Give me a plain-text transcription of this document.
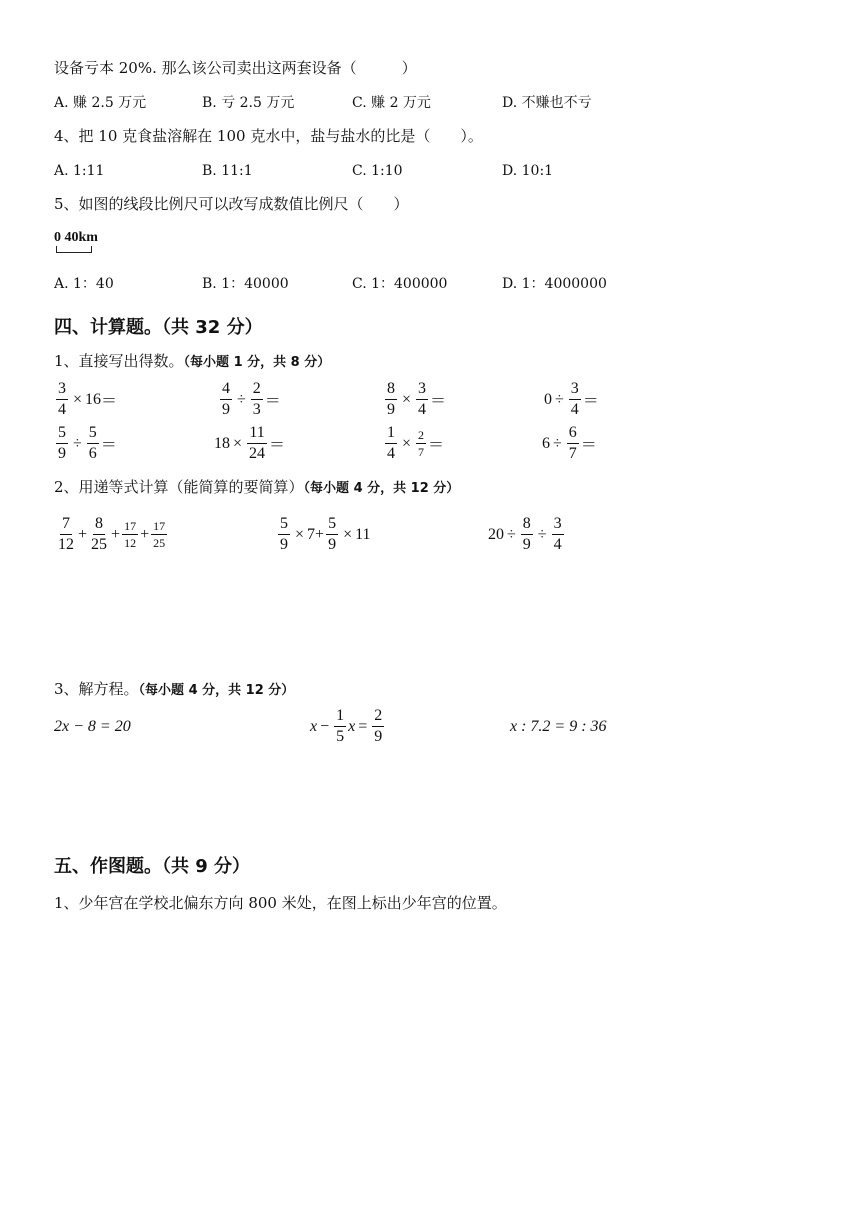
设备亏本 20%. 那么该公司卖出这两套设备（　　　）
A. 赚 2.5 万元	B. 亏 2.5 万元	C. 赚 2 万元	D. 不赚也不亏
4、把 10 克食盐溶解在 100 克水中，盐与盐水的比是（　　）。
A. 1:11	B. 11:1	C. 1:10	D. 10:1
5、如图的线段比例尺可以改写成数值比例尺（　　）
0 40km
A. 1：40	B. 1：40000	C. 1：400000	D. 1：4000000
四、计算题。（共 32 分）
1、直接写出得数。（每小题 1 分，共 8 分）
$\frac{3}{4} \times 16$ ＝	$\frac{4}{9} \div \frac{2}{3}$ ＝	$\frac{8}{9} \times \frac{3}{4}$ ＝	$0 \div \frac{3}{4}$ ＝
$\frac{5}{9} \div \frac{5}{6}$ ＝	$18 \times \frac{11}{24}$ ＝	$\frac{1}{4} \times \frac{2}{7}$ ＝	$6 \div \frac{6}{7}$ ＝
2、用递等式计算（能简算的要简算）（每小题 4 分，共 12 分）
$\frac{7}{12} + \frac{8}{25} + \frac{17}{12} + \frac{17}{25}$	$\frac{5}{9} \times 7 + \frac{5}{9} \times 11$	$20 \div \frac{8}{9} \div \frac{3}{4}$
3、解方程。（每小题 4 分，共 12 分）
2x − 8 = 20	$x - \frac{1}{5}$ $x = \frac{2}{9}$	x : 7.2 = 9 : 36
五、作图题。（共 9 分）
1、少年宫在学校北偏东方向 800 米处，在图上标出少年宫的位置。
